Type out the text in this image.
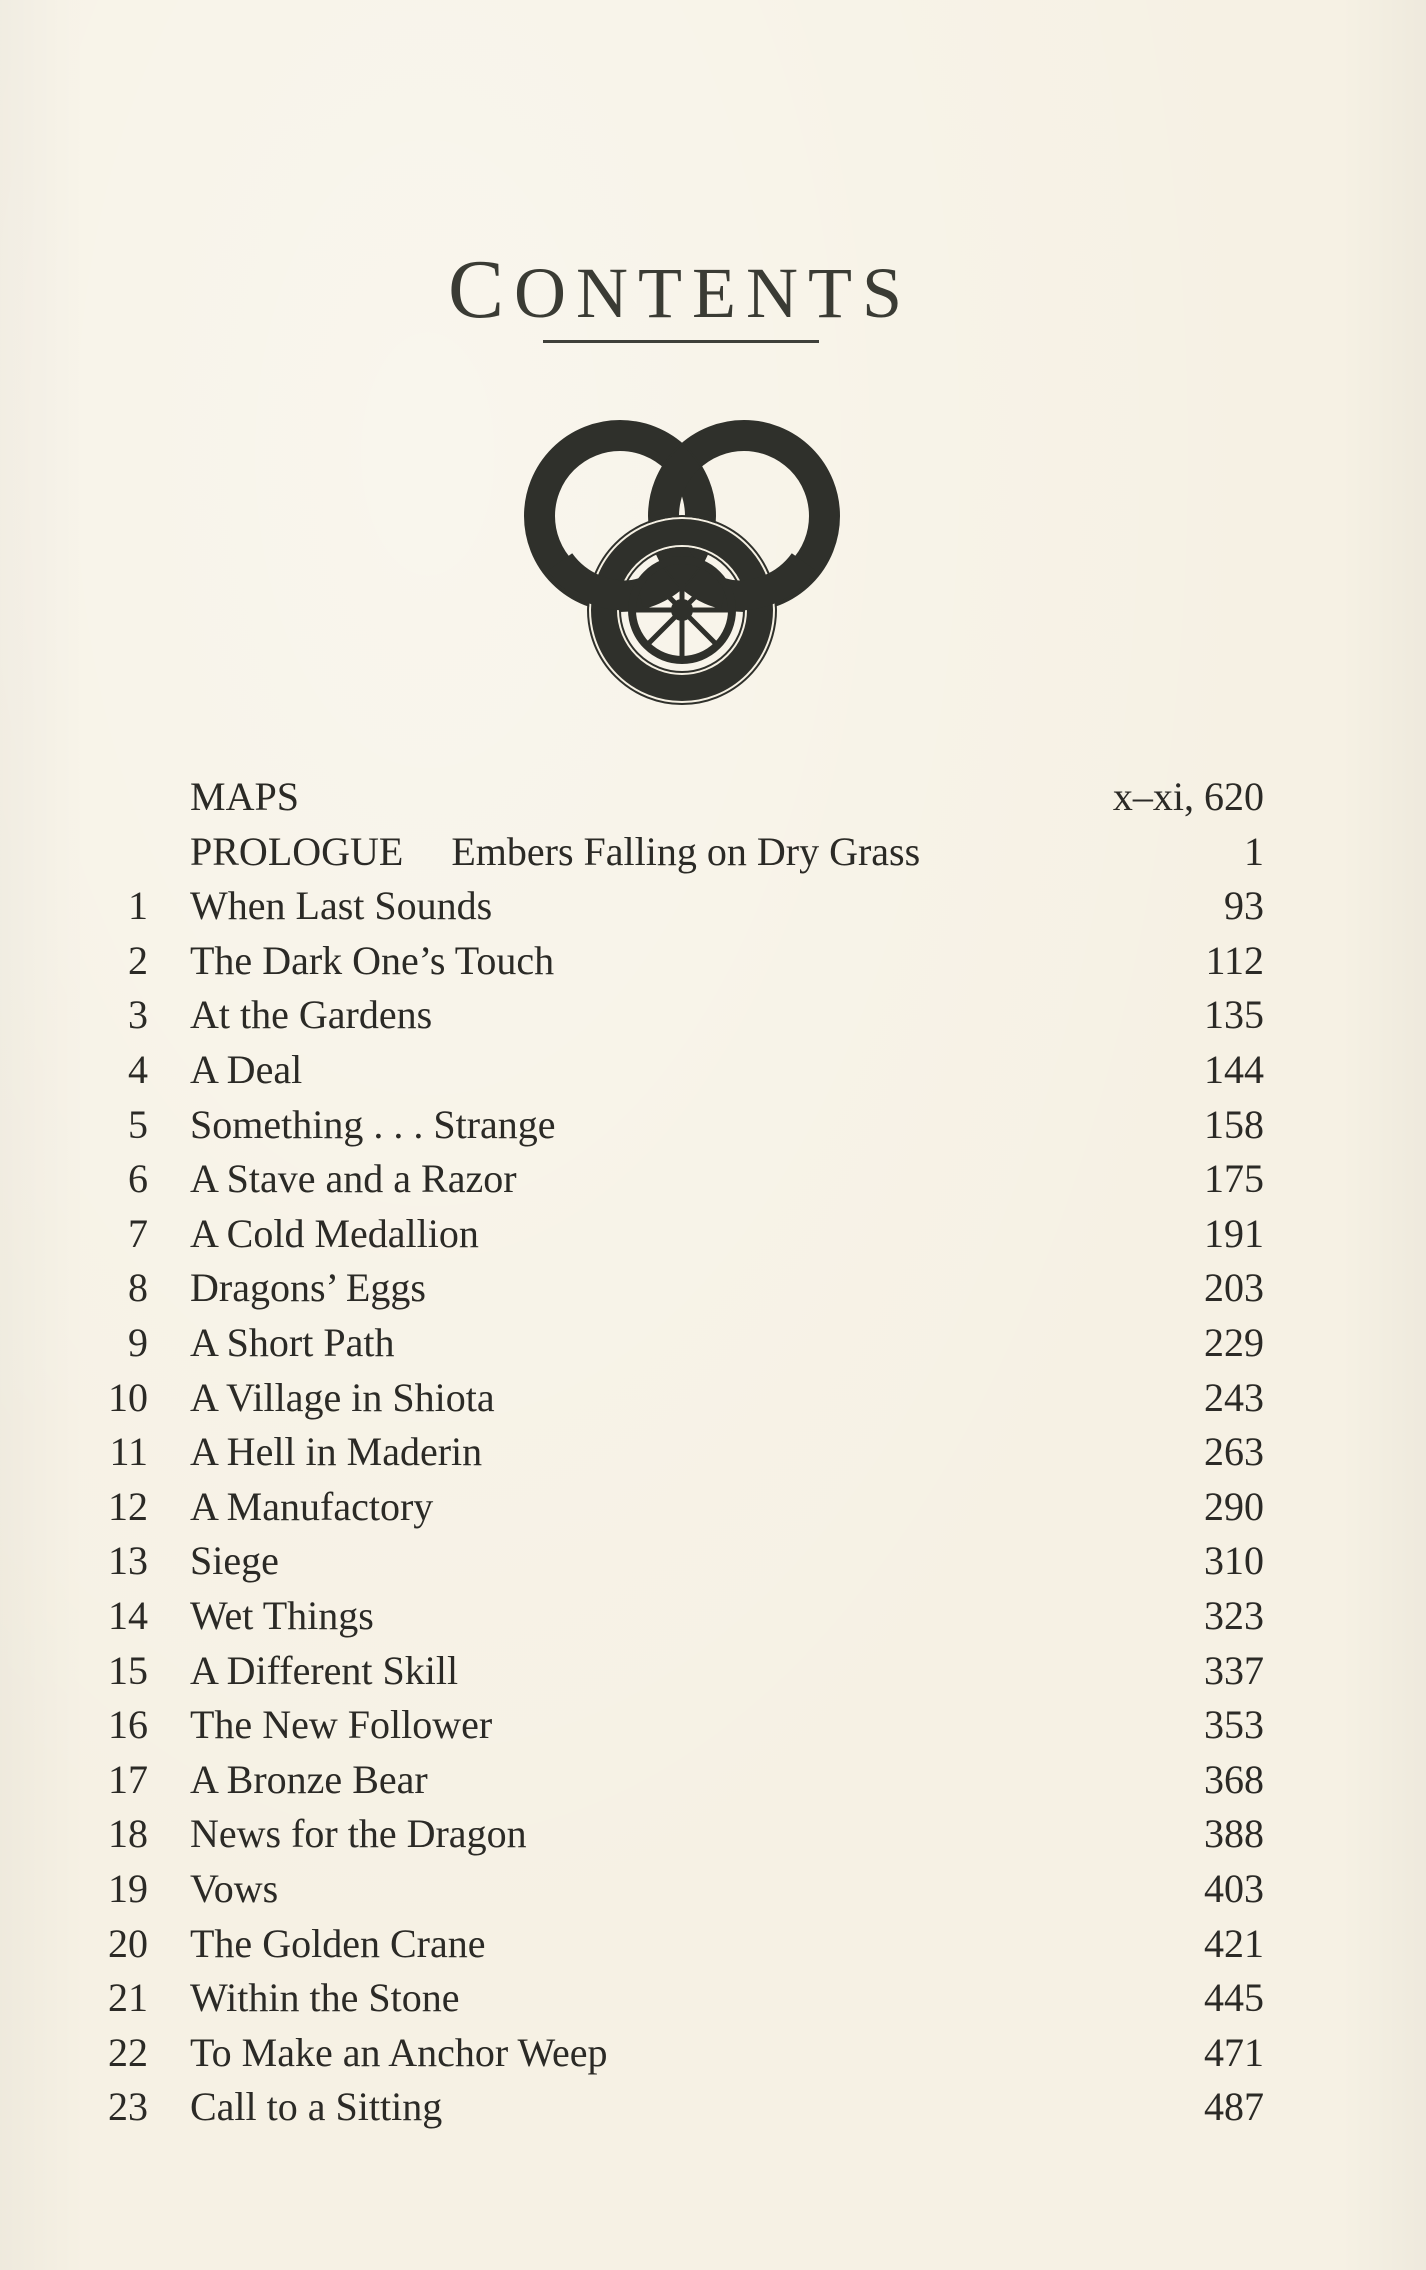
CONTENTS
MAPS	x–xi, 620
PROLOGUE Embers Falling on Dry Grass	1
1 When Last Sounds	93
2 The Dark One’s Touch	112
3 At the Gardens	135
4 A Deal	144
5 Something . . . Strange	158
6 A Stave and a Razor	175
7 A Cold Medallion	191
8 Dragons’ Eggs	203
9 A Short Path	229
10 A Village in Shiota	243
11 A Hell in Maderin	263
12 A Manufactory	290
13 Siege	310
14 Wet Things	323
15 A Different Skill	337
16 The New Follower	353
17 A Bronze Bear	368
18 News for the Dragon	388
19 Vows	403
20 The Golden Crane	421
21 Within the Stone	445
22 To Make an Anchor Weep	471
23 Call to a Sitting	487
